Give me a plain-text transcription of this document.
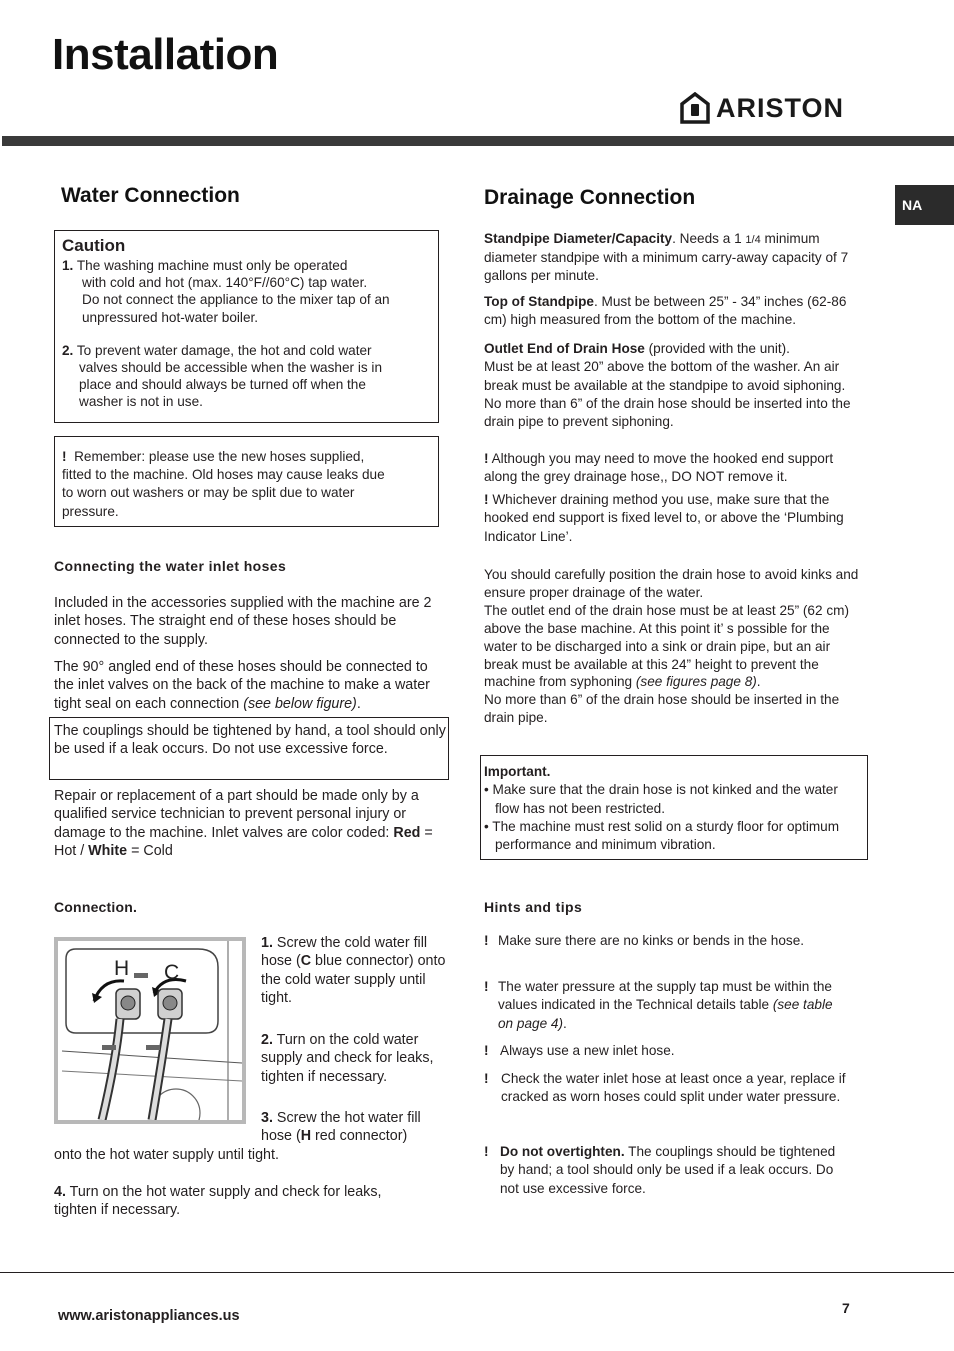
Installation
ARISTON
NA
Water Connection
Caution
1. The washing machine must only be operated
with cold and hot (max. 140°F//60°C) tap water.
Do not connect the appliance to the mixer tap of an
unpressured hot-water boiler.
2. To prevent water damage, the hot and cold water
valves should be accessible when the washer is in
place and should always be turned off when the
washer is not in use.
! Remember: please use the new hoses supplied,
fitted to the machine. Old hoses may cause leaks due
to worn out washers or may be split due to water
pressure.
Connecting the water inlet hoses

Included in the accessories supplied with the machine are 2 inlet hoses. The straight end of these hoses should be connected to the supply.

The 90° angled end of these hoses should be connected to the inlet valves on the back of the machine to make a water tight seal on each connection (see below figure).

The couplings should be tightened by hand, a tool should only be used if a leak occurs. Do not use excessive force.

Repair or replacement of a part should be made only by a qualified service technician to prevent personal injury or damage to the machine. Inlet valves are color coded: Red = Hot / White = Cold

Connection.
H C

1. Screw the cold water fill hose (C blue connector) onto the cold water supply until tight.

2. Turn on the cold water supply and check for leaks, tighten if necessary.

3. Screw the hot water fill hose (H red connector)

onto the hot water supply until tight.

4. Turn on the hot water supply and check for leaks, tighten if necessary.

Drainage Connection

Standpipe Diameter/Capacity. Needs a 1 1/4 minimum diameter standpipe with a minimum carry-away capacity of 7 gallons per minute.

Top of Standpipe. Must be between 25” - 34” inches (62-86 cm) high measured from the bottom of the machine.

Outlet End of Drain Hose (provided with the unit).
Must be at least 20” above the bottom of the washer. An air break must be available at the standpipe to avoid siphoning. No more than 6” of the drain hose should be inserted into the drain pipe to prevent siphoning.

! Although you may need to move the hooked end support along the grey drainage hose,, DO NOT remove it.

! Whichever draining method you use, make sure that the hooked end support is fixed level to, or above the ‘Plumbing Indicator Line’.

You should carefully position the drain hose to avoid kinks and ensure proper drainage of the water.
The outlet end of the drain hose must be at least 25” (62 cm) above the base machine. At this point it’ s possible for the water to be discharged into a sink or drain pipe, but an air break must be available at this 24” height to prevent the machine from syphoning (see figures page 8).
No more than 6” of the drain hose should be inserted in the drain pipe.
Important.
• Make sure that the drain hose is not kinked and the water flow has not been restricted.
• The machine must rest solid on a sturdy floor for optimum performance and minimum vibration.
Hints and tips
! Make sure there are no kinks or bends in the hose.
! The water pressure at the supply tap must be within the values indicated in the Technical details table (see table on page 4).
! Always use a new inlet hose.
! Check the water inlet hose at least once a year, replace if cracked as worn hoses could split under water pressure.
! Do not overtighten. The couplings should be tightened by hand; a tool should only be used if a leak occurs. Do not use excessive force.
www.aristonappliances.us	7
